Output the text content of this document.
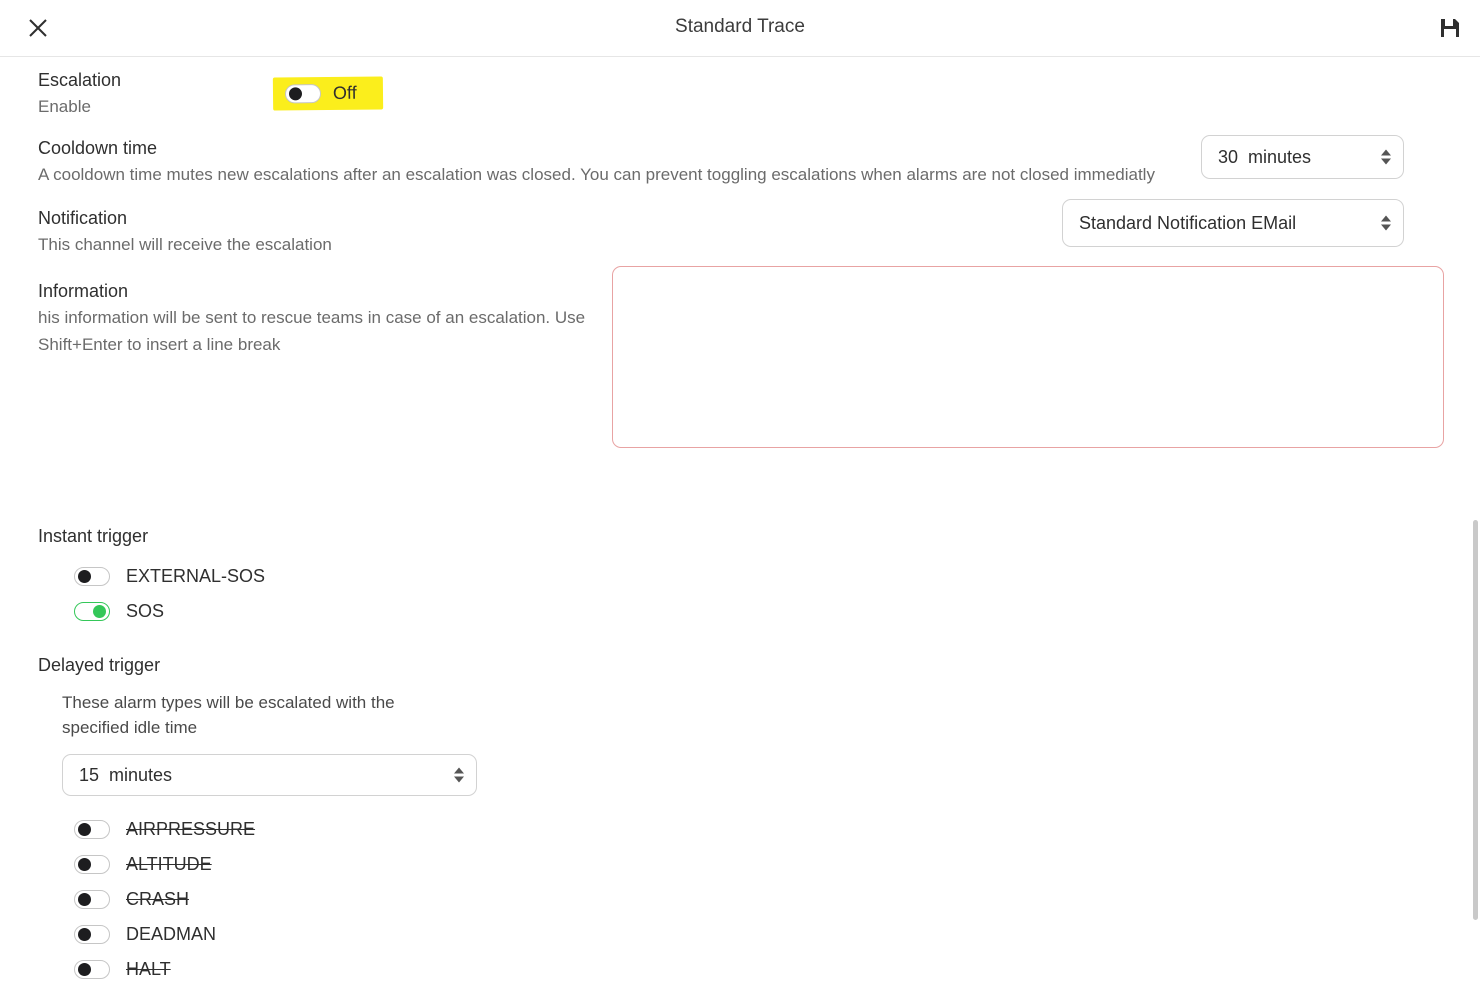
Standard Trace
Escalation
Enable
Off
Cooldown time
A cooldown time mutes new escalations after an escalation was closed. You can prevent toggling escalations when alarms are not closed immediatly
30 minutes
Notification
This channel will receive the escalation
Standard Notification EMail
Information
his information will be sent to rescue teams in case of an escalation. Use Shift+Enter to insert a line break
Instant trigger
EXTERNAL-SOS
SOS
Delayed trigger
These alarm types will be escalated with the specified idle time
15 minutes
AIRPRESSURE
ALTITUDE
CRASH
DEADMAN
HALT
